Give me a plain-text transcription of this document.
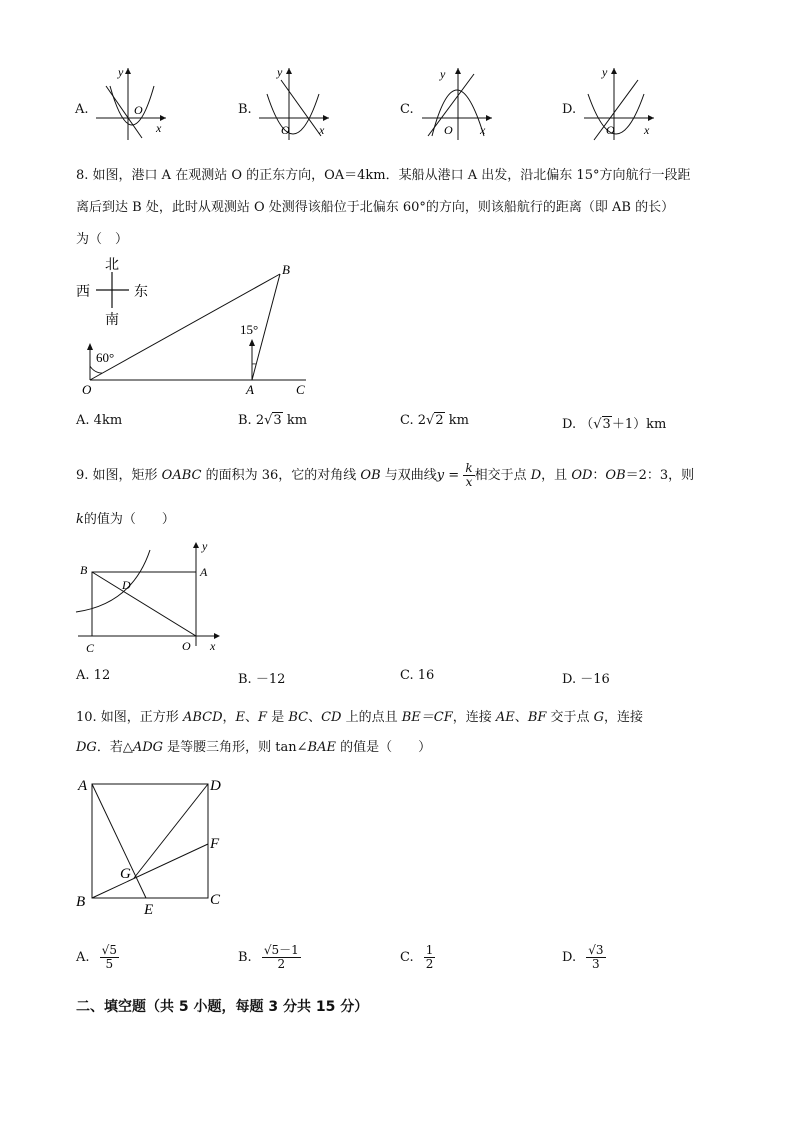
A.
y
O
x
B.
y
O x
C.
y
O x
D.
y
O x
8. 如图，港口 A 在观测站 O 的正东方向，OA＝4km．某船从港口 A 出发，沿北偏东 15°方向航行一段距
离后到达 B 处，此时从观测站 O 处测得该船位于北偏东 60°的方向，则该船航行的距离（即 AB 的长）
为（　）
北
西	东
南
60°
15°
O	A
B
C
A. 4km	B. 2√3 km	C. 2√2 km	D. （√3＋1）km
9. 如图，矩形 OABC 的面积为 36，它的对角线 OB 与双曲线$y = \frac{k}{x}$ 相交于点 D，且 OD：OB＝2：3，则
k的值为（　　）
B
D
A
C	O x
y
A. 12	B. －12	C. 16	D. －16
10. 如图，正方形 ABCD，E、F 是 BC、CD 上的点且 BE＝CF，连接 AE、BF 交于点 G，连接
DG．若△ADG 是等腰三角形，则 tan∠BAE 的值是（　　）
A	D
F
G
B	E
C
A. $\frac{√5}{5}$	B. $\frac{√5-1}{2}$	C. $\frac{1}{2}$	D. $\frac{√3}{3}$
二、填空题（共 5 小题，每题 3 分共 15 分）
